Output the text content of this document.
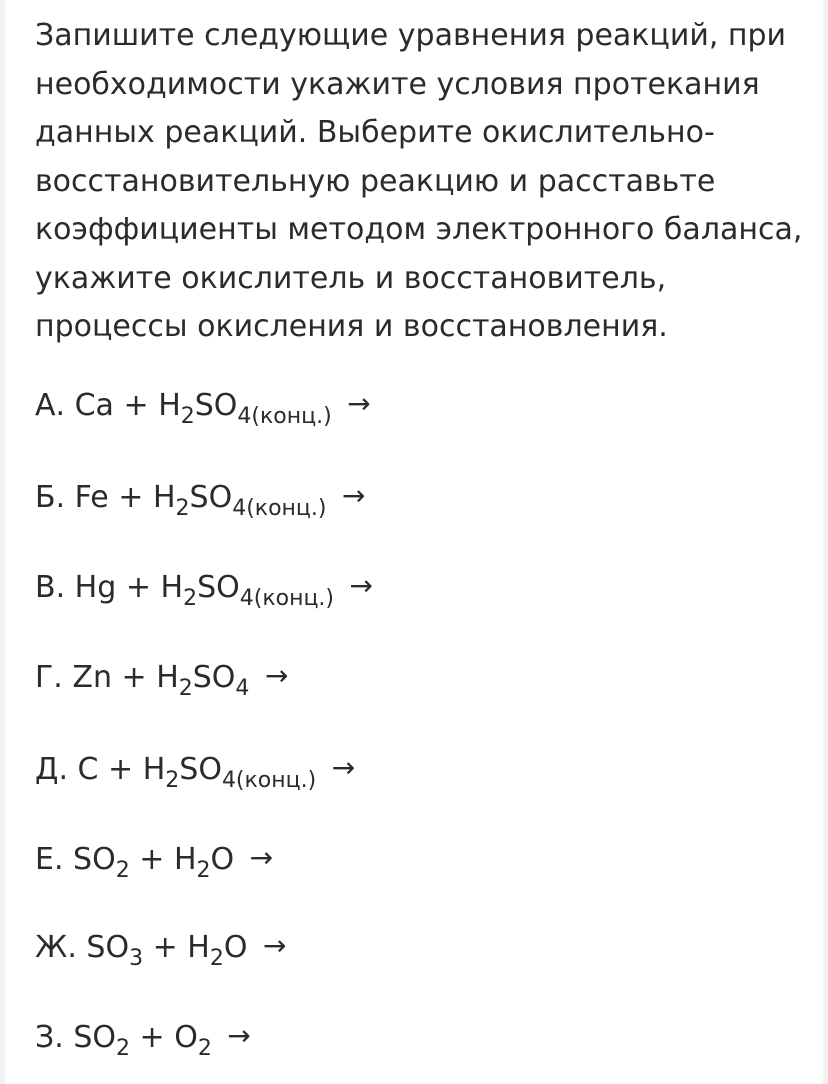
Запишите следующие уравнения реакций, при необходимости укажите условия протекания данных реакций. Выберите окислительно-восстановительную реакцию и расставьте коэффициенты методом электронного баланса, укажите окислитель и восстановитель, процессы окисления и восстановления.

А. $Ca + H_2SO_{4(конц.)}$ →
Б. $Fe + H_2SO_{4(конц.)}$ →
В. $Hg + H_2SO_{4(конц.)}$ →
Г. $Zn + H_2SO_4$ →
Д. $C + H_2SO_{4(конц.)}$ →
Е. $SO_2 + H_2O$ →
Ж. $SO_3 + H_2O$ →
З. $SO_2 + O_2$ →
